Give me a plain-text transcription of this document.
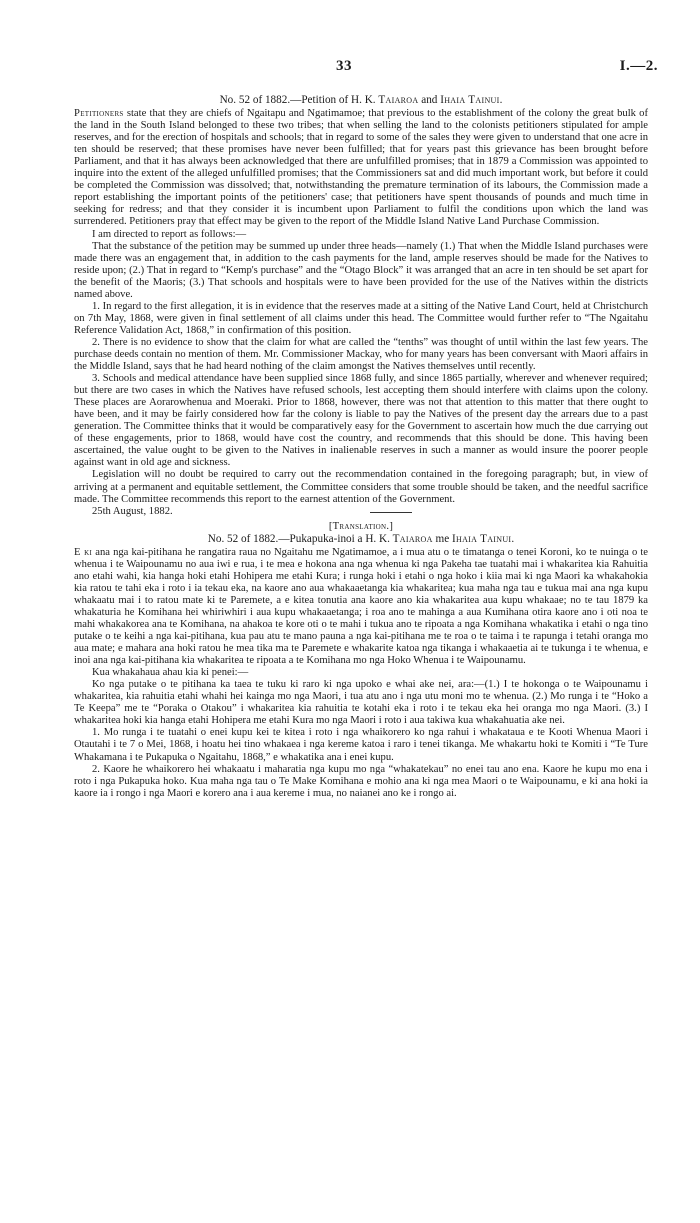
33	I.—2.
No. 52 of 1882.—Petition of H. K. Taiaroa and Ihaia Tainui.

Petitioners state that they are chiefs of Ngaitapu and Ngatimamoe; that previous to the establishment of the colony the great bulk of the land in the South Island belonged to these two tribes; that when selling the land to the colonists petitioners stipulated for ample reserves, and for the erection of hospitals and schools; that in regard to some of the sales they were given to understand that one acre in ten should be reserved; that these promises have never been fulfilled; that for years past this grievance has been brought before Parliament, and that it has always been acknowledged that there are unfulfilled promises; that in 1879 a Commission was appointed to inquire into the extent of the alleged unfulfilled promises; that the Commissioners sat and did much important work, but before it could be completed the Commission was dissolved; that, notwithstanding the premature termination of its labours, the Commission made a report establishing the important points of the petitioners' case; that petitioners have spent thousands of pounds and much time in seeking for redress; and that they consider it is incumbent upon Parliament to fulfil the conditions upon which the land was surrendered. Petitioners pray that effect may be given to the report of the Middle Island Native Land Purchase Commission.

I am directed to report as follows:—

That the substance of the petition may be summed up under three heads—namely (1.) That when the Middle Island purchases were made there was an engagement that, in addition to the cash payments for the land, ample reserves should be made for the Natives to reside upon; (2.) That in regard to “Kemp's purchase” and the “Otago Block” it was arranged that an acre in ten should be set apart for the benefit of the Maoris; (3.) That schools and hospitals were to have been provided for the use of the Natives within the districts named above.

1. In regard to the first allegation, it is in evidence that the reserves made at a sitting of the Native Land Court, held at Christchurch on 7th May, 1868, were given in final settlement of all claims under this head. The Committee would further refer to “The Ngaitahu Reference Validation Act, 1868,” in confirmation of this position.

2. There is no evidence to show that the claim for what are called the “tenths” was thought of until within the last few years. The purchase deeds contain no mention of them. Mr. Commissioner Mackay, who for many years has been conversant with Maori affairs in the Middle Island, says that he had heard nothing of the claim amongst the Natives themselves until recently.

3. Schools and medical attendance have been supplied since 1868 fully, and since 1865 partially, wherever and whenever required; but there are two cases in which the Natives have refused schools, lest accepting them should interfere with claims upon the colony. These places are Aorarowhenua and Moeraki. Prior to 1868, however, there was not that attention to this matter that there ought to have been, and it may be fairly considered how far the colony is liable to pay the Natives of the present day the arrears due to a past generation. The Committee thinks that it would be comparatively easy for the Government to ascertain how much the due carrying out of these engagements, prior to 1868, would have cost the country, and recommends that this should be done. This having been ascertained, the value ought to be given to the Natives in inalienable reserves in such a manner as would insure the poorer people against want in old age and sickness.

Legislation will no doubt be required to carry out the recommendation contained in the foregoing paragraph; but, in view of arriving at a permanent and equitable settlement, the Committee considers that some trouble should be taken, and the needful sacrifice made. The Committee recommends this report to the earnest attention of the Government.

25th August, 1882.

[Translation.]
No. 52 of 1882.—Pukapuka-inoi a H. K. Taiaroa me Ihaia Tainui.

E ki ana nga kai-pitihana he rangatira raua no Ngaitahu me Ngatimamoe, a i mua atu o te timatanga o tenei Koroni, ko te nuinga o te whenua i te Waipounamu no aua iwi e rua, i te mea e hokona ana nga whenua ki nga Pakeha tae tuatahi mai i whakaritea kia Rahuitia ano etahi wahi, kia hanga hoki etahi Hohipera me etahi Kura; i runga hoki i etahi o nga hoko i kiia mai ki nga Maori ka whakahokia kia ratou te tahi eka i roto i ia tekau eka, na kaore ano aua whakaaetanga kia whakaritea; kua maha nga tau e tukua mai ana nga kupu whakaatu mai i to ratou mate ki te Paremete, a e kitea tonutia ana kaore ano kia whakaritea aua kupu whakaae; no te tau 1879 ka whakaturia he Komihana hei whiriwhiri i aua kupu whakaaetanga; i roa ano te mahinga a aua Kumihana otira kaore ano i oti noa te mahi whakakorea ana te Komihana, na ahakoa te kore oti o te mahi i tukua ano te ripoata a nga Komihana whakatika i etahi o nga tino putake o te keihi a nga kai-pitihana, kua pau atu te mano pauna a nga kai-pitihana me te roa o te taima i te rapunga i tetahi oranga mo aua mate; e mahara ana hoki ratou he mea tika ma te Paremete e whakarite katoa nga tikanga i whakaaetia ai te tukunga i te whenua, e inoi ana nga kai-pitihana kia whakaritea te ripoata a te Komihana mo nga Hoko Whenua i te Waipounamu.

Kua whakahaua ahau kia ki penei:—

Ko nga putake o te pitihana ka taea te tuku ki raro ki nga upoko e whai ake nei, ara:—(1.) I te hokonga o te Waipounamu i whakaritea, kia rahuitia etahi whahi hei kainga mo nga Maori, i tua atu ano i nga utu moni mo te whenua. (2.) Mo runga i te “Hoko a Te Keepa” me te “Poraka o Otakou” i whakaritea kia rahuitia te kotahi eka i roto i te tekau eka hei oranga mo nga Maori. (3.) I whakaritea hoki kia hanga etahi Hohipera me etahi Kura mo nga Maori i roto i aua takiwa kua whakahuatia ake nei.

1. Mo runga i te tuatahi o enei kupu kei te kitea i roto i nga whaikorero ko nga rahui i whakataua e te Kooti Whenua Maori i Otautahi i te 7 o Mei, 1868, i hoatu hei tino whakaea i nga kereme katoa i raro i tenei tikanga. Me whakartu hoki te Komiti i “Te Ture Whakamana i te Pukapuka o Ngaitahu, 1868,” e whakatika ana i enei kupu.

2. Kaore he whaikorero hei whakaatu i maharatia nga kupu mo nga “whakatekau” no enei tau ano ena. Kaore he kupu mo ena i roto i nga Pukapuka hoko. Kua maha nga tau o Te Make Komihana e mohio ana ki nga mea Maori o te Waipounamu, e ki ana hoki ia kaore ia i rongo i nga Maori e korero ana i aua kereme i mua, no naianei ano ke i rongo ai.
